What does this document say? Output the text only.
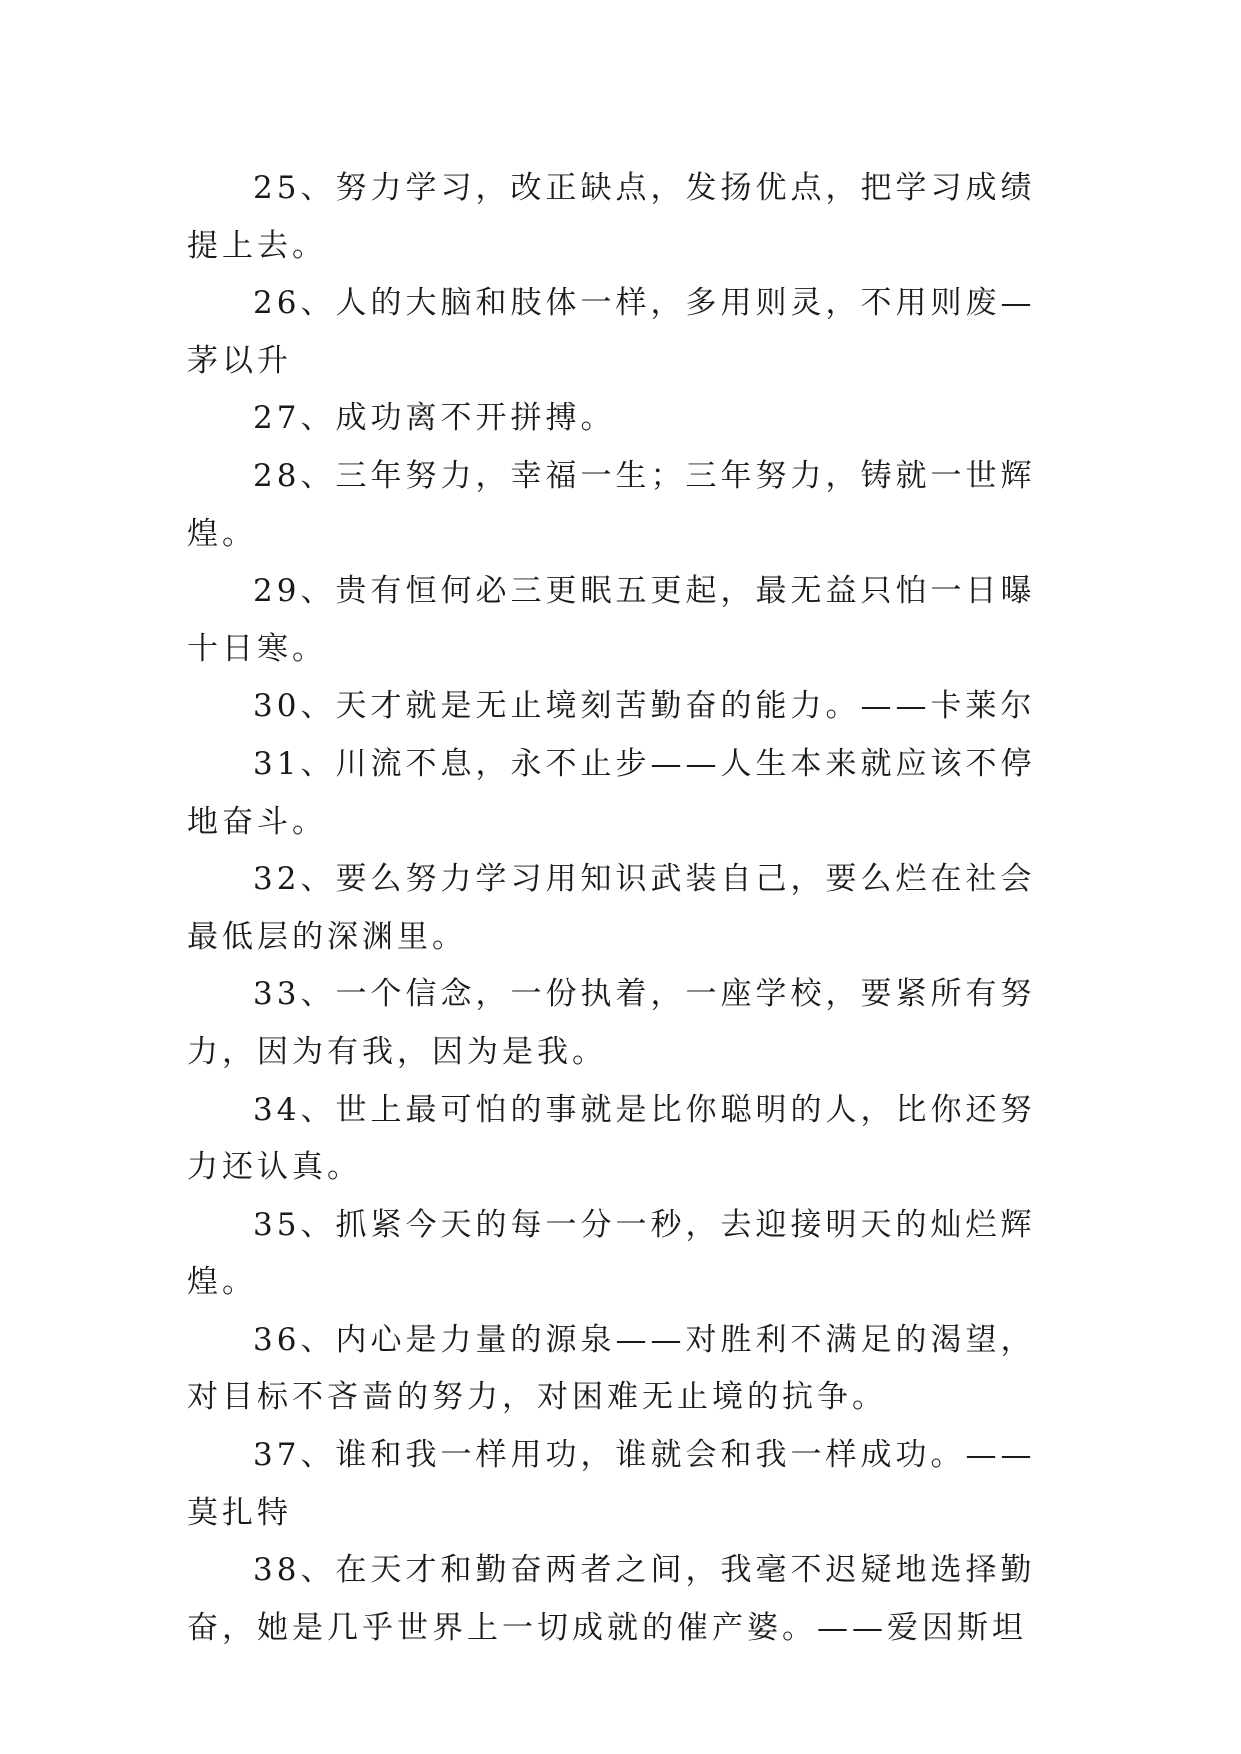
25、努力学习，改正缺点，发扬优点，把学习成绩提上去。

26、人的大脑和肢体一样，多用则灵，不用则废—茅以升

27、成功离不开拼搏。

28、三年努力，幸福一生；三年努力，铸就一世辉煌。

29、贵有恒何必三更眠五更起，最无益只怕一日曝十日寒。

30、天才就是无止境刻苦勤奋的能力。——卡莱尔

31、川流不息，永不止步——人生本来就应该不停地奋斗。

32、要么努力学习用知识武装自己，要么烂在社会最低层的深渊里。

33、一个信念，一份执着，一座学校，要紧所有努力，因为有我，因为是我。

34、世上最可怕的事就是比你聪明的人，比你还努力还认真。

35、抓紧今天的每一分一秒，去迎接明天的灿烂辉煌。

36、内心是力量的源泉——对胜利不满足的渴望，对目标不吝啬的努力，对困难无止境的抗争。

37、谁和我一样用功，谁就会和我一样成功。——莫扎特

38、在天才和勤奋两者之间，我毫不迟疑地选择勤奋，她是几乎世界上一切成就的催产婆。——爱因斯坦
